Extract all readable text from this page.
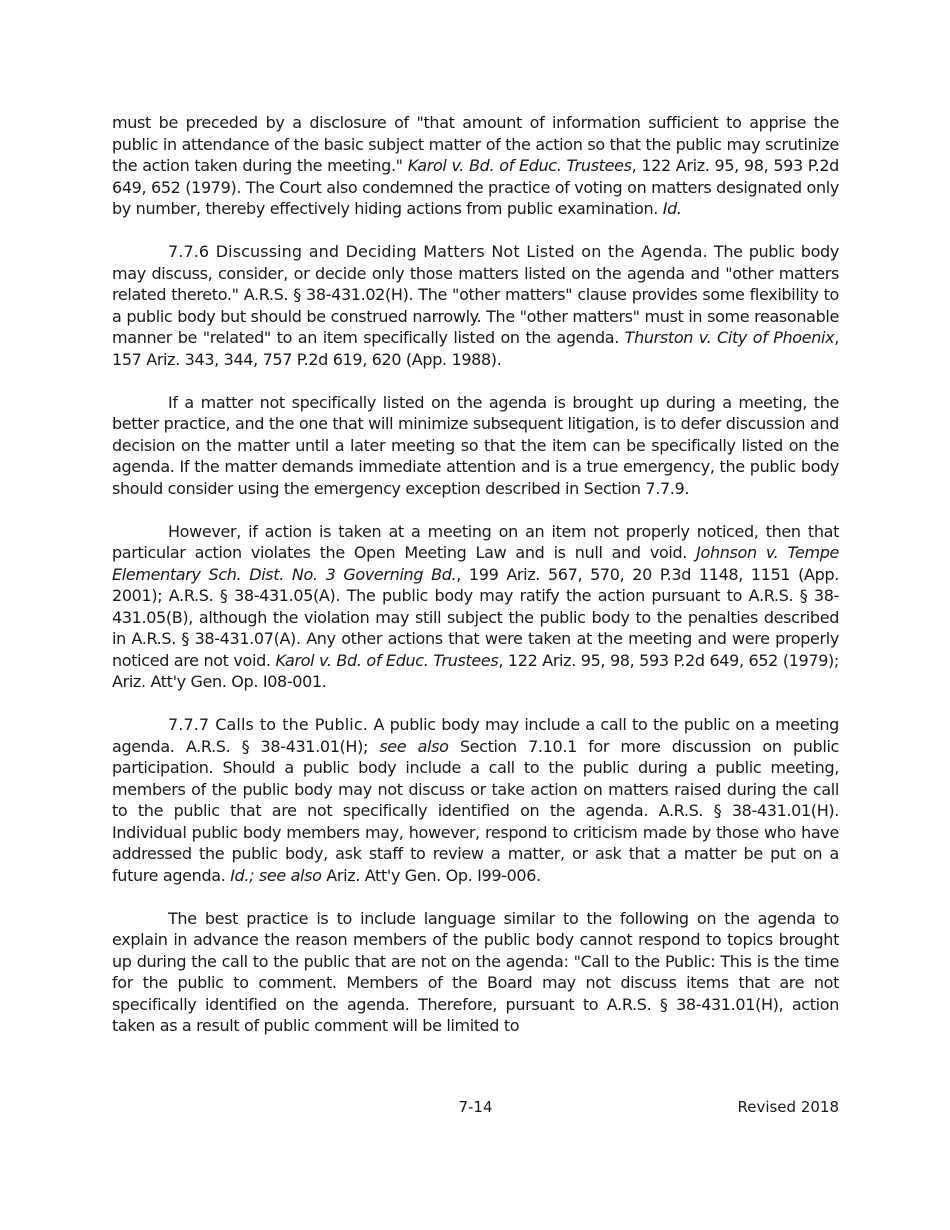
must be preceded by a disclosure of "that amount of information sufficient to apprise the public in attendance of the basic subject matter of the action so that the public may scrutinize the action taken during the meeting." Karol v. Bd. of Educ. Trustees, 122 Ariz. 95, 98, 593 P.2d 649, 652 (1979). The Court also condemned the practice of voting on matters designated only by number, thereby effectively hiding actions from public examination. Id.

7.7.6 Discussing and Deciding Matters Not Listed on the Agenda. The public body may discuss, consider, or decide only those matters listed on the agenda and "other matters related thereto." A.R.S. § 38-431.02(H). The "other matters" clause provides some flexibility to a public body but should be construed narrowly. The "other matters" must in some reasonable manner be "related" to an item specifically listed on the agenda. Thurston v. City of Phoenix, 157 Ariz. 343, 344, 757 P.2d 619, 620 (App. 1988).

If a matter not specifically listed on the agenda is brought up during a meeting, the better practice, and the one that will minimize subsequent litigation, is to defer discussion and decision on the matter until a later meeting so that the item can be specifically listed on the agenda. If the matter demands immediate attention and is a true emergency, the public body should consider using the emergency exception described in Section 7.7.9.

However, if action is taken at a meeting on an item not properly noticed, then that particular action violates the Open Meeting Law and is null and void. Johnson v. Tempe Elementary Sch. Dist. No. 3 Governing Bd., 199 Ariz. 567, 570, 20 P.3d 1148, 1151 (App. 2001); A.R.S. § 38-431.05(A). The public body may ratify the action pursuant to A.R.S. § 38-431.05(B), although the violation may still subject the public body to the penalties described in A.R.S. § 38-431.07(A). Any other actions that were taken at the meeting and were properly noticed are not void. Karol v. Bd. of Educ. Trustees, 122 Ariz. 95, 98, 593 P.2d 649, 652 (1979); Ariz. Att'y Gen. Op. I08-001.

7.7.7 Calls to the Public. A public body may include a call to the public on a meeting agenda. A.R.S. § 38-431.01(H); see also Section 7.10.1 for more discussion on public participation. Should a public body include a call to the public during a public meeting, members of the public body may not discuss or take action on matters raised during the call to the public that are not specifically identified on the agenda. A.R.S. § 38-431.01(H). Individual public body members may, however, respond to criticism made by those who have addressed the public body, ask staff to review a matter, or ask that a matter be put on a future agenda. Id.; see also Ariz. Att'y Gen. Op. I99-006.

The best practice is to include language similar to the following on the agenda to explain in advance the reason members of the public body cannot respond to topics brought up during the call to the public that are not on the agenda: "Call to the Public: This is the time for the public to comment. Members of the Board may not discuss items that are not specifically identified on the agenda. Therefore, pursuant to A.R.S. § 38-431.01(H), action taken as a result of public comment will be limited to

7-14	Revised 2018
